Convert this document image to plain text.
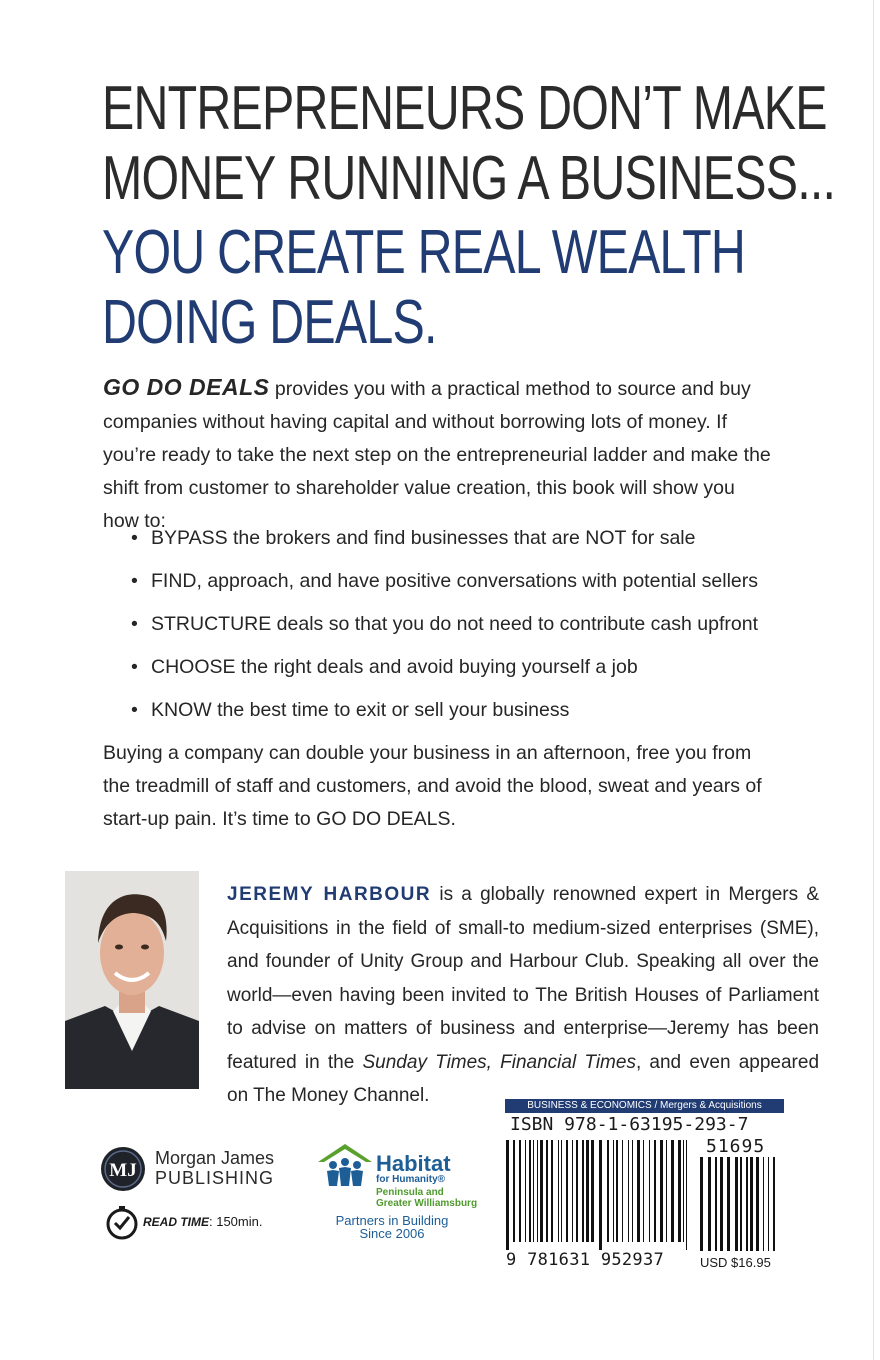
ENTREPRENEURS DON’T MAKE
MONEY RUNNING A BUSINESS...
YOU CREATE REAL WEALTH
DOING DEALS.

GO DO DEALS provides you with a practical method to source and buy companies without having capital and without borrowing lots of money. If you’re ready to take the next step on the entrepreneurial ladder and make the shift from customer to shareholder value creation, this book will show you how to:

• BYPASS the brokers and find businesses that are NOT for sale
• FIND, approach, and have positive conversations with potential sellers
• STRUCTURE deals so that you do not need to contribute cash upfront
• CHOOSE the right deals and avoid buying yourself a job
• KNOW the best time to exit or sell your business

Buying a company can double your business in an afternoon, free you from the treadmill of staff and customers, and avoid the blood, sweat and years of start-up pain. It’s time to GO DO DEALS.

JEREMY HARBOUR is a globally renowned expert in Mergers & Acquisitions in the field of small-to medium-sized enterprises (SME), and founder of Unity Group and Harbour Club. Speaking all over the world—even having been invited to The British Houses of Parliament to advise on matters of business and enterprise—Jeremy has been featured in the Sunday Times, Financial Times, and even appeared on The Money Channel.	BUSINESS & ECONOMICS / Mergers & Acquisitions
ISBN 978-1-63195-293-7
51695
9 781631 952937	USD $16.95
MJ
Morgan James
PUBLISHING
READ TIME: 150min.
Habitat
for Humanity®
Peninsula and
Greater Williamsburg
Partners in Building
Since 2006
